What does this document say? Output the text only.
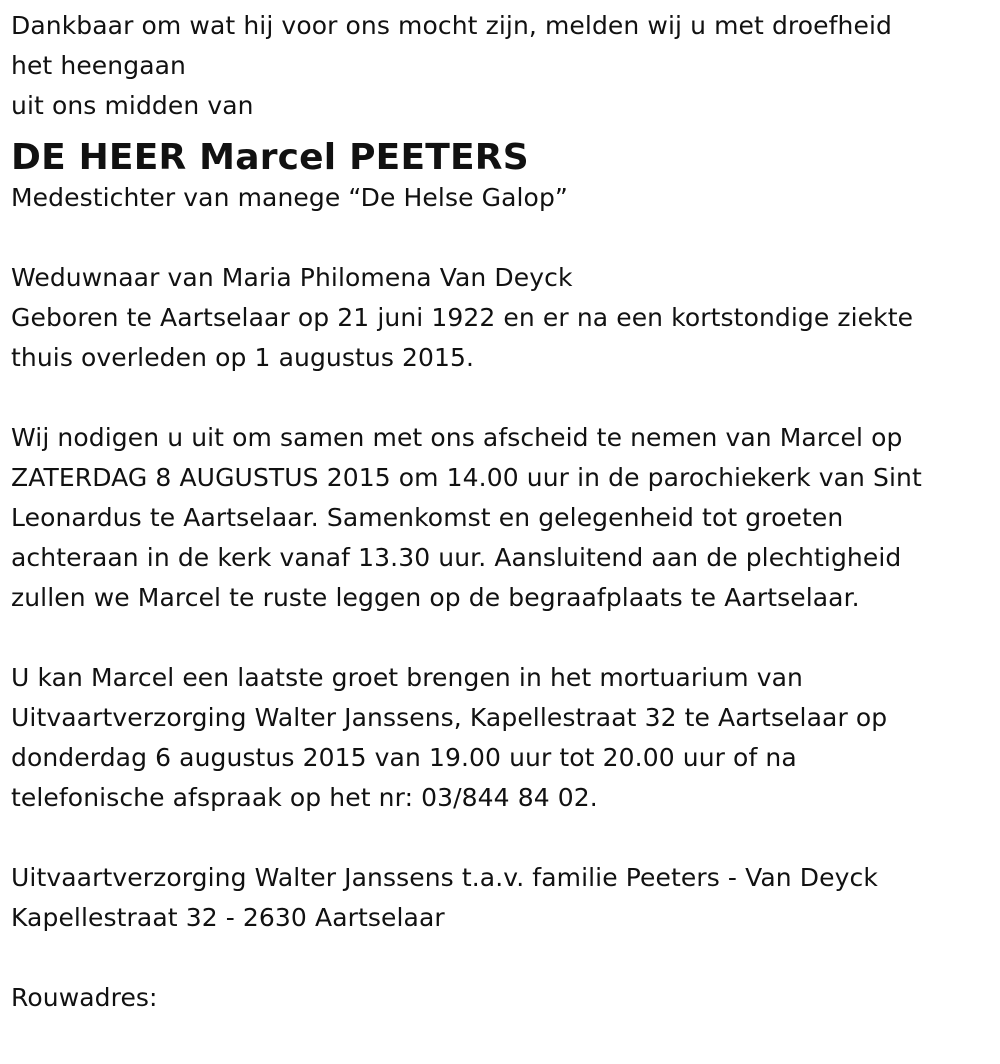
Dankbaar om wat hij voor ons mocht zijn, melden wij u met droefheid
het heengaan
uit ons midden van
DE HEER Marcel PEETERS
Medestichter van manege “De Helse Galop”
Weduwnaar van Maria Philomena Van Deyck
Geboren te Aartselaar op 21 juni 1922 en er na een kortstondige ziekte
thuis overleden op 1 augustus 2015.
Wij nodigen u uit om samen met ons afscheid te nemen van Marcel op
ZATERDAG 8 AUGUSTUS 2015 om 14.00 uur in de parochiekerk van Sint
Leonardus te Aartselaar. Samenkomst en gelegenheid tot groeten
achteraan in de kerk vanaf 13.30 uur. Aansluitend aan de plechtigheid
zullen we Marcel te ruste leggen op de begraafplaats te Aartselaar.
U kan Marcel een laatste groet brengen in het mortuarium van
Uitvaartverzorging Walter Janssens, Kapellestraat 32 te Aartselaar op
donderdag 6 augustus 2015 van 19.00 uur tot 20.00 uur of na
telefonische afspraak op het nr: 03/844 84 02.
Uitvaartverzorging Walter Janssens t.a.v. familie Peeters - Van Deyck
Kapellestraat 32 - 2630 Aartselaar
Rouwadres:
